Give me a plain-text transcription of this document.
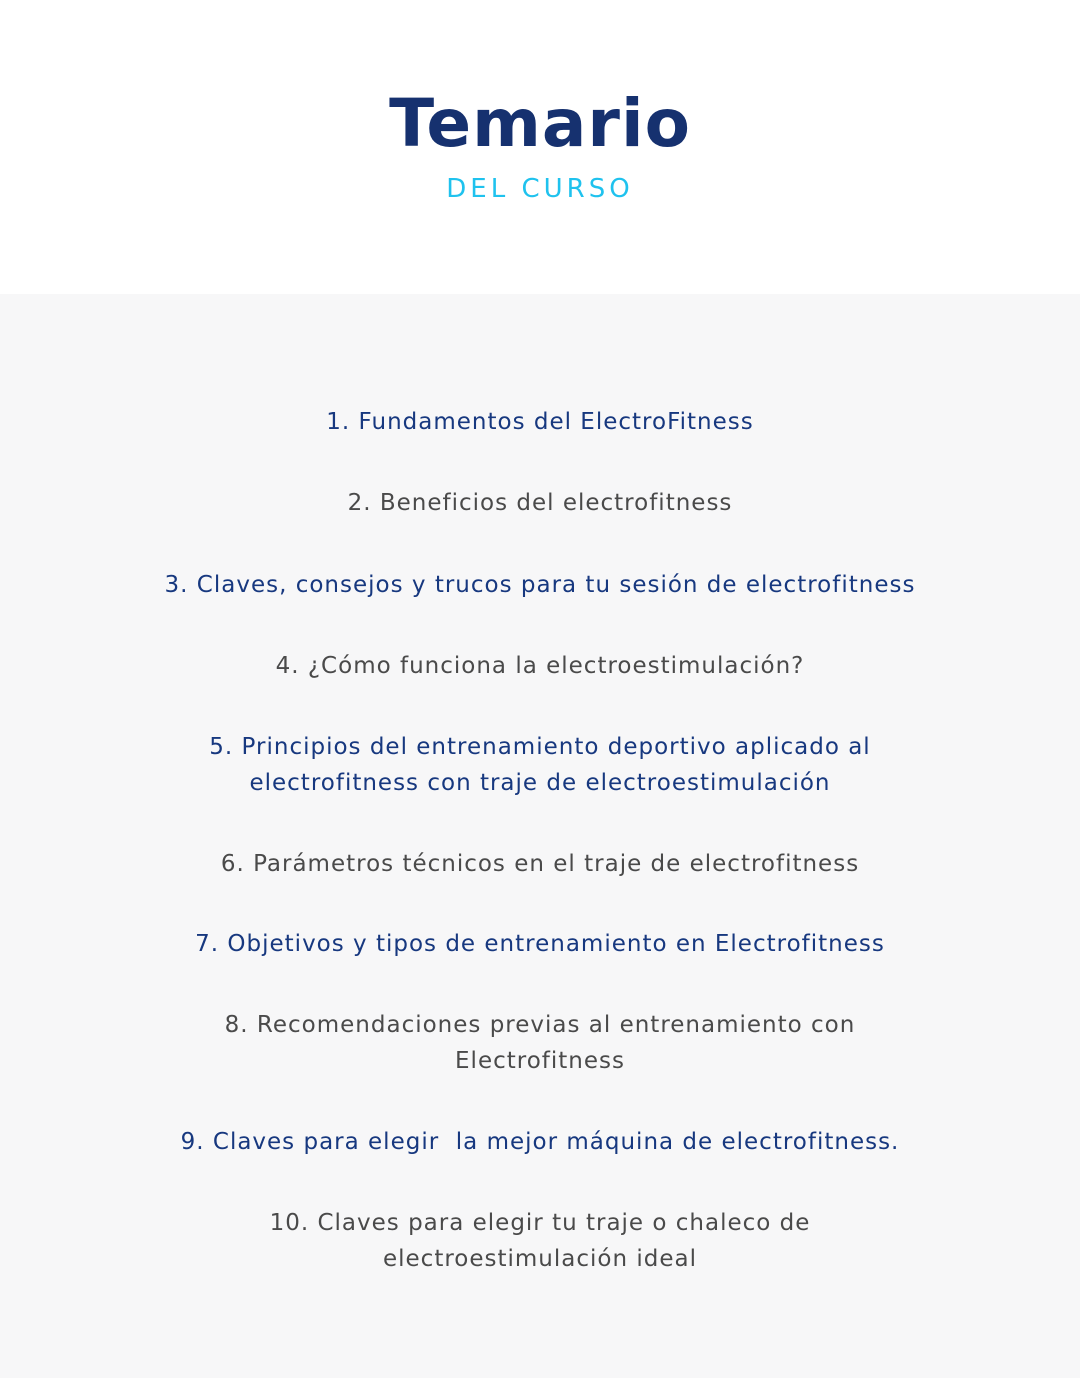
Temario
DEL CURSO
1. Fundamentos del ElectroFitness
2. Beneficios del electrofitness
3. Claves, consejos y trucos para tu sesión de electrofitness
4. ¿Cómo funciona la electroestimulación?
5. Principios del entrenamiento deportivo aplicado al
electrofitness con traje de electroestimulación
6. Parámetros técnicos en el traje de electrofitness
7. Objetivos y tipos de entrenamiento en Electrofitness
8. Recomendaciones previas al entrenamiento con
Electrofitness
9. Claves para elegir  la mejor máquina de electrofitness.
10. Claves para elegir tu traje o chaleco de
electroestimulación ideal
